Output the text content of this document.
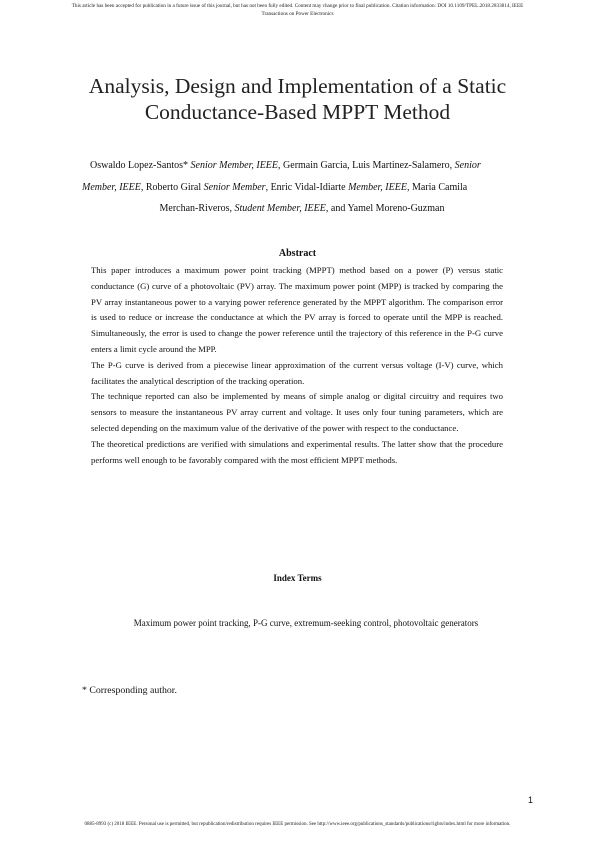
This article has been accepted for publication in a future issue of this journal, but has not been fully edited. Content may change prior to final publication. Citation information: DOI 10.1109/TPEL.2018.2833814, IEEE
Transactions on Power Electronics
Analysis, Design and Implementation of a Static
Conductance-Based MPPT Method
Oswaldo Lopez-Santos* Senior Member, IEEE, Germain Garcia, Luis Martinez-Salamero, Senior
Member, IEEE, Roberto Giral Senior Member, Enric Vidal-Idiarte Member, IEEE, Maria Camila
Merchan-Riveros, Student Member, IEEE, and Yamel Moreno-Guzman
Abstract

This paper introduces a maximum power point tracking (MPPT) method based on a power (P) versus static conductance (G) curve of a photovoltaic (PV) array. The maximum power point (MPP) is tracked by comparing the PV array instantaneous power to a varying power reference generated by the MPPT algorithm. The comparison error is used to reduce or increase the conductance at which the PV array is forced to operate until the MPP is reached. Simultaneously, the error is used to change the power reference until the trajectory of this reference in the P-G curve enters a limit cycle around the MPP.

The P-G curve is derived from a piecewise linear approximation of the current versus voltage (I-V) curve, which facilitates the analytical description of the tracking operation.

The technique reported can also be implemented by means of simple analog or digital circuitry and requires two sensors to measure the instantaneous PV array current and voltage. It uses only four tuning parameters, which are selected depending on the maximum value of the derivative of the power with respect to the conductance.

The theoretical predictions are verified with simulations and experimental results. The latter show that the procedure performs well enough to be favorably compared with the most efficient MPPT methods.

Index Terms
Maximum power point tracking, P-G curve, extremum-seeking control, photovoltaic generators
* Corresponding author.
1
0885-8993 (c) 2018 IEEE. Personal use is permitted, but republication/redistribution requires IEEE permission. See http://www.ieee.org/publications_standards/publications/rights/index.html for more information.
